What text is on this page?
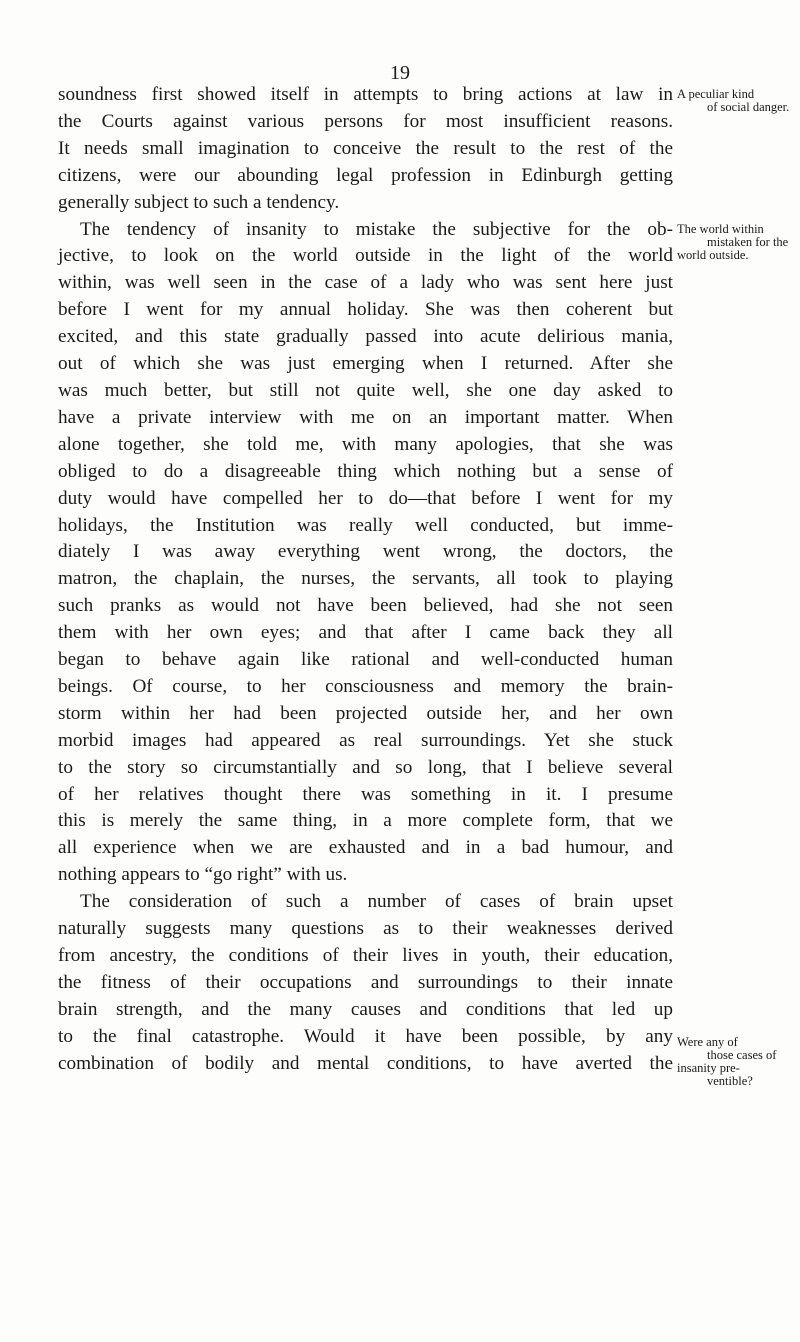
19
soundness first showed itself in attempts to bring actions at law in
the Courts against various persons for most insufficient reasons.
It needs small imagination to conceive the result to the rest of the
citizens, were our abounding legal profession in Edinburgh getting
generally subject to such a tendency.
The tendency of insanity to mistake the subjective for the ob-
jective, to look on the world outside in the light of the world
within, was well seen in the case of a lady who was sent here just
before I went for my annual holiday. She was then coherent but
excited, and this state gradually passed into acute delirious mania,
out of which she was just emerging when I returned. After she
was much better, but still not quite well, she one day asked to
have a private interview with me on an important matter. When
alone together, she told me, with many apologies, that she was
obliged to do a disagreeable thing which nothing but a sense of
duty would have compelled her to do—that before I went for my
holidays, the Institution was really well conducted, but imme-
diately I was away everything went wrong, the doctors, the
matron, the chaplain, the nurses, the servants, all took to playing
such pranks as would not have been believed, had she not seen
them with her own eyes; and that after I came back they all
began to behave again like rational and well-conducted human
beings. Of course, to her consciousness and memory the brain-
storm within her had been projected outside her, and her own
morbid images had appeared as real surroundings. Yet she stuck
to the story so circumstantially and so long, that I believe several
of her relatives thought there was something in it. I presume
this is merely the same thing, in a more complete form, that we
all experience when we are exhausted and in a bad humour, and
nothing appears to “go right” with us.
The consideration of such a number of cases of brain upset
naturally suggests many questions as to their weaknesses derived
from ancestry, the conditions of their lives in youth, their education,
the fitness of their occupations and surroundings to their innate
brain strength, and the many causes and conditions that led up
to the final catastrophe. Would it have been possible, by any
combination of bodily and mental conditions, to have averted the
A peculiar kind
of social danger.
The world within
mistaken for the
world outside.
Were any of
those cases of
insanity pre-
ventible?
